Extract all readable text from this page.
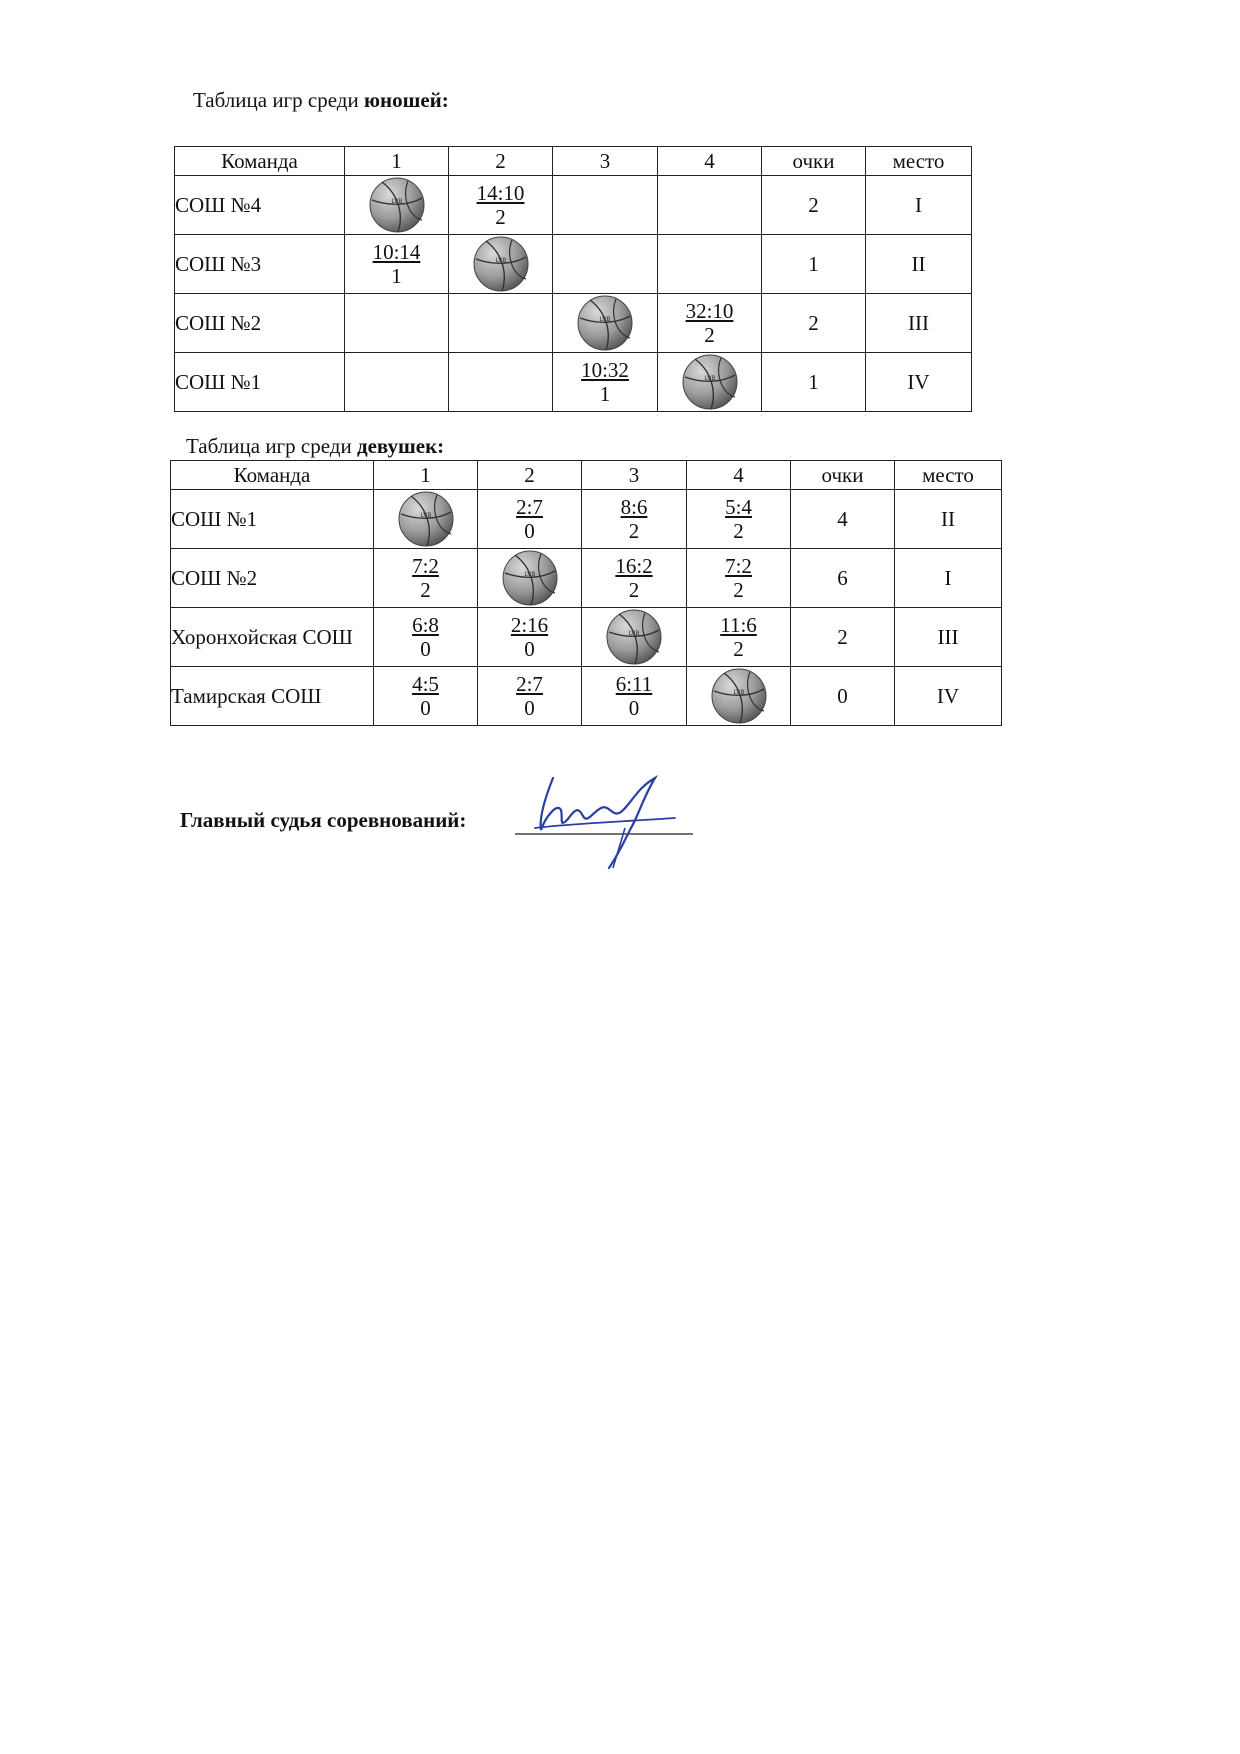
Таблица игр среди юношей:
Команда	1	2	3	4	очки	место
СОШ №4	LVB	$\frac{14:10}{2}$			2	I
СОШ №3	$\frac{10:14}{1}$	LVB			1	II
СОШ №2			LVB	$\frac{32:10}{2}$	2	III
СОШ №1			$\frac{10:32}{1}$	LVB	1	IV
Таблица игр среди девушек:
Команда	1	2	3	4	очки	место
СОШ №1	LVB	$\frac{2:7}{0}$	$\frac{8:6}{2}$	$\frac{5:4}{2}$	4	II
СОШ №2	$\frac{7:2}{2}$	LVB	$\frac{16:2}{2}$	$\frac{7:2}{2}$	6	I
Хоронхойская СОШ	$\frac{6:8}{0}$	$\frac{2:16}{0}$	LVB	$\frac{11:6}{2}$	2	III
Тамирская СОШ	$\frac{4:5}{0}$	$\frac{2:7}{0}$	$\frac{6:11}{0}$	LVB	0	IV
Главный судья соревнований:
